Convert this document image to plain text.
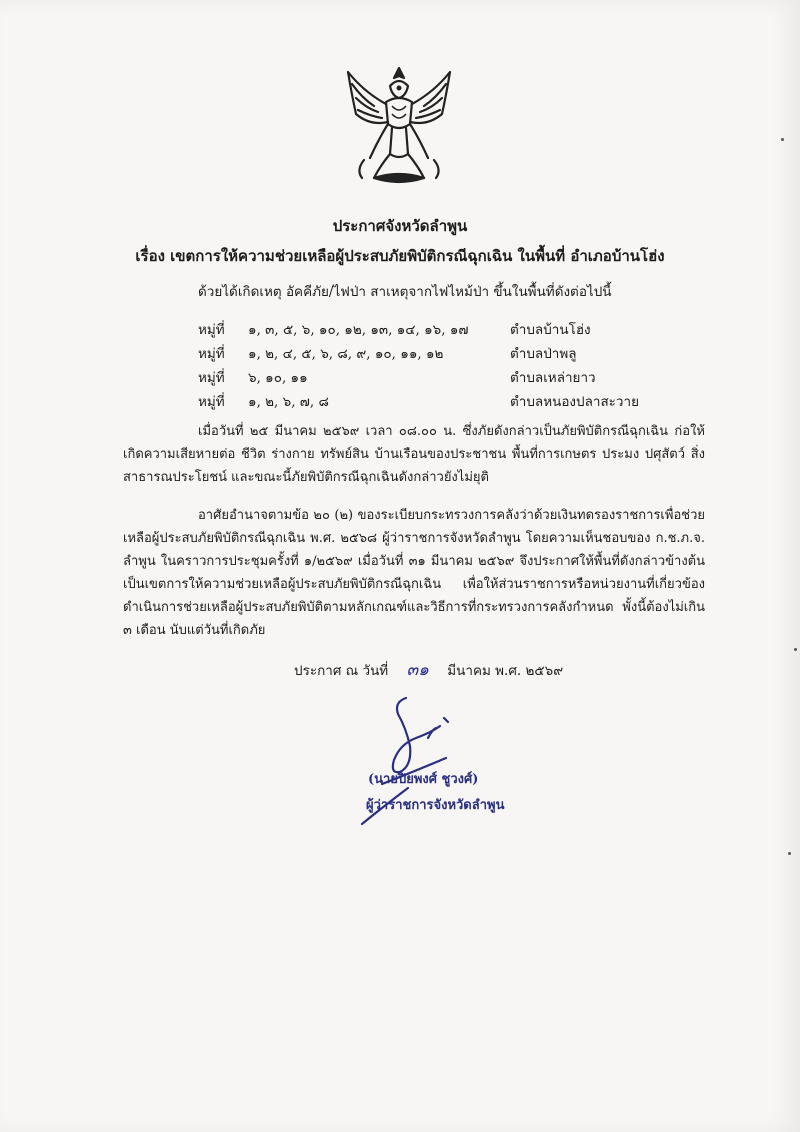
ประกาศจังหวัดลำพูน
เรื่อง เขตการให้ความช่วยเหลือผู้ประสบภัยพิบัติกรณีฉุกเฉิน ในพื้นที่ อำเภอบ้านโฮ่ง
ด้วยได้เกิดเหตุ อัคคีภัย/ไฟป่า สาเหตุจากไฟไหม้ป่า ขึ้นในพื้นที่ดังต่อไปนี้
หมู่ที่ ๑, ๓, ๕, ๖, ๑๐, ๑๒, ๑๓, ๑๔, ๑๖, ๑๗	ตำบลบ้านโฮ่ง
หมู่ที่ ๑, ๒, ๔, ๕, ๖, ๘, ๙, ๑๐, ๑๑, ๑๒	ตำบลป่าพลู
หมู่ที่ ๖, ๑๐, ๑๑	ตำบลเหล่ายาว
หมู่ที่ ๑, ๒, ๖, ๗, ๘	ตำบลหนองปลาสะวาย
เมื่อวันที่ ๒๕ มีนาคม ๒๕๖๙ เวลา ๐๘.๐๐ น. ซึ่งภัยดังกล่าวเป็นภัยพิบัติกรณีฉุกเฉิน ก่อให้เกิดความเสียหายต่อ ชีวิต ร่างกาย ทรัพย์สิน บ้านเรือนของประชาชน พื้นที่การเกษตร ประมง ปศุสัตว์ สิ่งสาธารณประโยชน์ และขณะนี้ภัยพิบัติกรณีฉุกเฉินดังกล่าวยังไม่ยุติ
อาศัยอำนาจตามข้อ ๒๐ (๒) ของระเบียบกระทรวงการคลังว่าด้วยเงินทดรองราชการเพื่อช่วยเหลือผู้ประสบภัยพิบัติกรณีฉุกเฉิน พ.ศ. ๒๕๖๘ ผู้ว่าราชการจังหวัดลำพูน โดยความเห็นชอบของ ก.ช.ภ.จ. ลำพูน ในคราวการประชุมครั้งที่ ๑/๒๕๖๙ เมื่อวันที่ ๓๑ มีนาคม ๒๕๖๙ จึงประกาศให้พื้นที่ดังกล่าวข้างต้น เป็นเขตการให้ความช่วยเหลือผู้ประสบภัยพิบัติกรณีฉุกเฉิน เพื่อให้ส่วนราชการหรือหน่วยงานที่เกี่ยวข้อง ดำเนินการช่วยเหลือผู้ประสบภัยพิบัติตามหลักเกณฑ์และวิธีการที่กระทรวงการคลังกำหนด พั้งนี้ต้องไม่เกิน ๓ เดือน นับแต่วันที่เกิดภัย
ประกาศ ณ วันที่ ๓๑ มีนาคม พ.ศ. ๒๕๖๙
(นายปิยพงศ์ ชูวงศ์)
ผู้ว่าราชการจังหวัดลำพูน
